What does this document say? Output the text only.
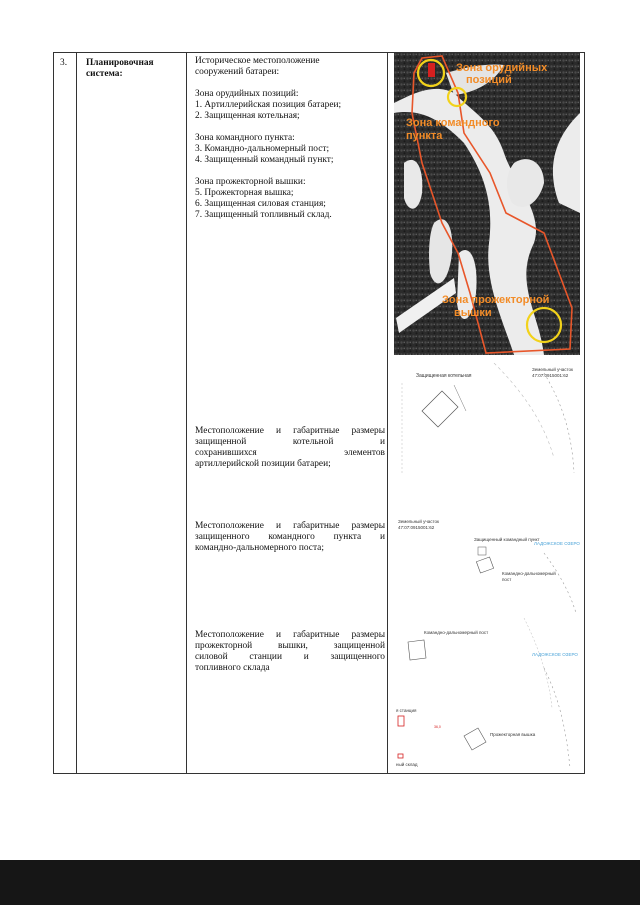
3. Планировочная система:

Историческое местоположение

сооружений батареи:

Зона орудийных позиций:

1. Артиллерийская позиция батареи;

2. Защищенная котельная;

Зона командного пункта:

3. Командно-дальномерный пост;

4. Защищенный командный пункт;

Зона прожекторной вышки:

5. Прожекторная вышка;

6. Защищенная силовая станция;

7. Защищенный топливный склад.

Местоположение и габаритные размеры

защищенной котельной и

сохранившихся элементов

артиллерийской позиции батареи;

Местоположение и габаритные размеры

защищенного командного пункта и

командно-дальномерного поста;

Местоположение и габаритные размеры

прожекторной вышки, защищенной

силовой станции и защищенного

топливного склада

Зона орудийных
позиций
Зона командного
пункта
Зона прожекторной
вышки
Защищенная котельная
Земельный участок
47:07:0915001:62
Земельный участок
47:07:0915001:62
Защищенный командный пункт
ЛАДОЖСКОЕ ОЗЕРО
Командно-дальномерный
пост
Командно-дальномерный пост
ЛАДОЖСКОЕ ОЗЕРО
я станция
36,0
Прожекторная вышка
ный склад
